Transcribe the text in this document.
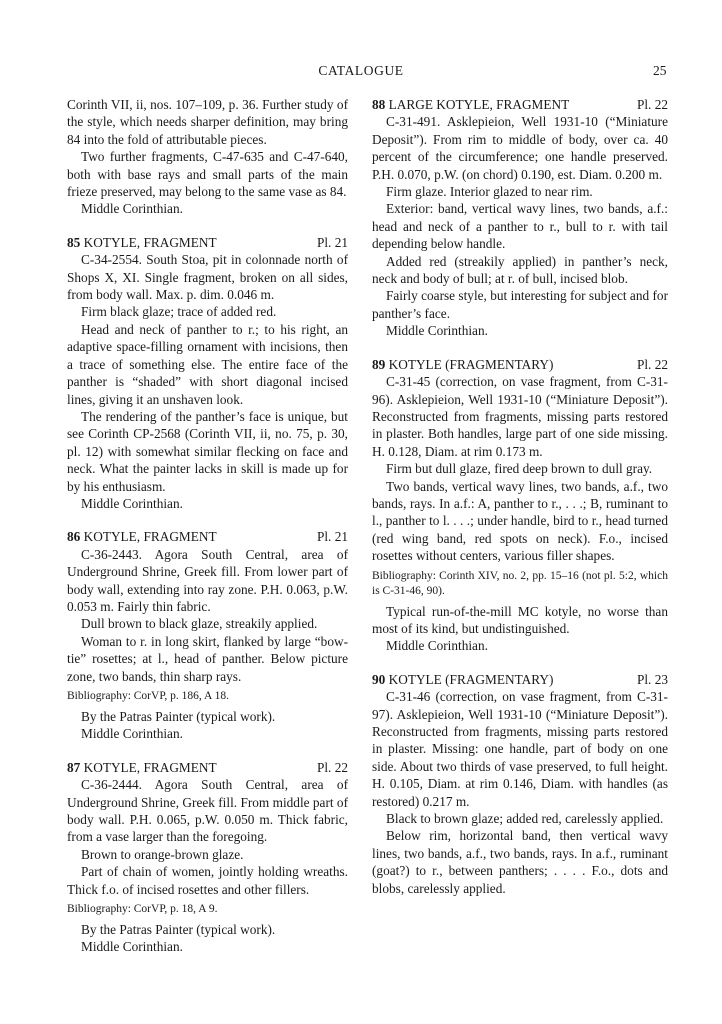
CATALOGUE	25

Corinth VII, ii, nos. 107–109, p. 36. Further study of the style, which needs sharper definition, may bring 84 into the fold of attributable pieces.

Two further fragments, C-47-635 and C-47-640, both with base rays and small parts of the main frieze preserved, may belong to the same vase as 84.

Middle Corinthian.

85 KOTYLE, FRAGMENT	Pl. 21

C-34-2554. South Stoa, pit in colonnade north of Shops X, XI. Single fragment, broken on all sides, from body wall. Max. p. dim. 0.046 m.

Firm black glaze; trace of added red.

Head and neck of panther to r.; to his right, an adaptive space-filling ornament with incisions, then a trace of something else. The entire face of the panther is “shaded” with short diagonal incised lines, giving it an unshaven look.

The rendering of the panther’s face is unique, but see Corinth CP-2568 (Corinth VII, ii, no. 75, p. 30, pl. 12) with somewhat similar flecking on face and neck. What the painter lacks in skill is made up for by his enthusiasm.

Middle Corinthian.

86 KOTYLE, FRAGMENT	Pl. 21

C-36-2443. Agora South Central, area of Underground Shrine, Greek fill. From lower part of body wall, extending into ray zone. P.H. 0.063, p.W. 0.053 m. Fairly thin fabric.

Dull brown to black glaze, streakily applied.

Woman to r. in long skirt, flanked by large “bow-tie” rosettes; at l., head of panther. Below picture zone, two bands, thin sharp rays.

Bibliography: CorVP, p. 186, A 18.

By the Patras Painter (typical work).

Middle Corinthian.

87 KOTYLE, FRAGMENT	Pl. 22

C-36-2444. Agora South Central, area of Underground Shrine, Greek fill. From middle part of body wall. P.H. 0.065, p.W. 0.050 m. Thick fabric, from a vase larger than the foregoing.

Brown to orange-brown glaze.

Part of chain of women, jointly holding wreaths. Thick f.o. of incised rosettes and other fillers.

Bibliography: CorVP, p. 18, A 9.

By the Patras Painter (typical work).

Middle Corinthian.

88 LARGE KOTYLE, FRAGMENT	Pl. 22

C-31-491. Asklepieion, Well 1931-10 (“Miniature Deposit”). From rim to middle of body, over ca. 40 percent of the circumference; one handle preserved. P.H. 0.070, p.W. (on chord) 0.190, est. Diam. 0.200 m.

Firm glaze. Interior glazed to near rim.

Exterior: band, vertical wavy lines, two bands, a.f.: head and neck of a panther to r., bull to r. with tail depending below handle.

Added red (streakily applied) in panther’s neck, neck and body of bull; at r. of bull, incised blob.

Fairly coarse style, but interesting for subject and for panther’s face.

Middle Corinthian.

89 KOTYLE (FRAGMENTARY)	Pl. 22

C-31-45 (correction, on vase fragment, from C-31-96). Asklepieion, Well 1931-10 (“Miniature Deposit”). Reconstructed from fragments, missing parts restored in plaster. Both handles, large part of one side missing. H. 0.128, Diam. at rim 0.173 m.

Firm but dull glaze, fired deep brown to dull gray.

Two bands, vertical wavy lines, two bands, a.f., two bands, rays. In a.f.: A, panther to r., . . .; B, ruminant to l., panther to l. . . .; under handle, bird to r., head turned (red wing band, red spots on neck). F.o., incised rosettes without centers, various filler shapes.

Bibliography: Corinth XIV, no. 2, pp. 15–16 (not pl. 5:2, which is C-31-46, 90).

Typical run-of-the-mill MC kotyle, no worse than most of its kind, but undistinguished.

Middle Corinthian.

90 KOTYLE (FRAGMENTARY)	Pl. 23

C-31-46 (correction, on vase fragment, from C-31-97). Asklepieion, Well 1931-10 (“Miniature Deposit”). Reconstructed from fragments, missing parts restored in plaster. Missing: one handle, part of body on one side. About two thirds of vase preserved, to full height. H. 0.105, Diam. at rim 0.146, Diam. with handles (as restored) 0.217 m.

Black to brown glaze; added red, carelessly applied.

Below rim, horizontal band, then vertical wavy lines, two bands, a.f., two bands, rays. In a.f., ruminant (goat?) to r., between panthers; . . . . F.o., dots and blobs, carelessly applied.
